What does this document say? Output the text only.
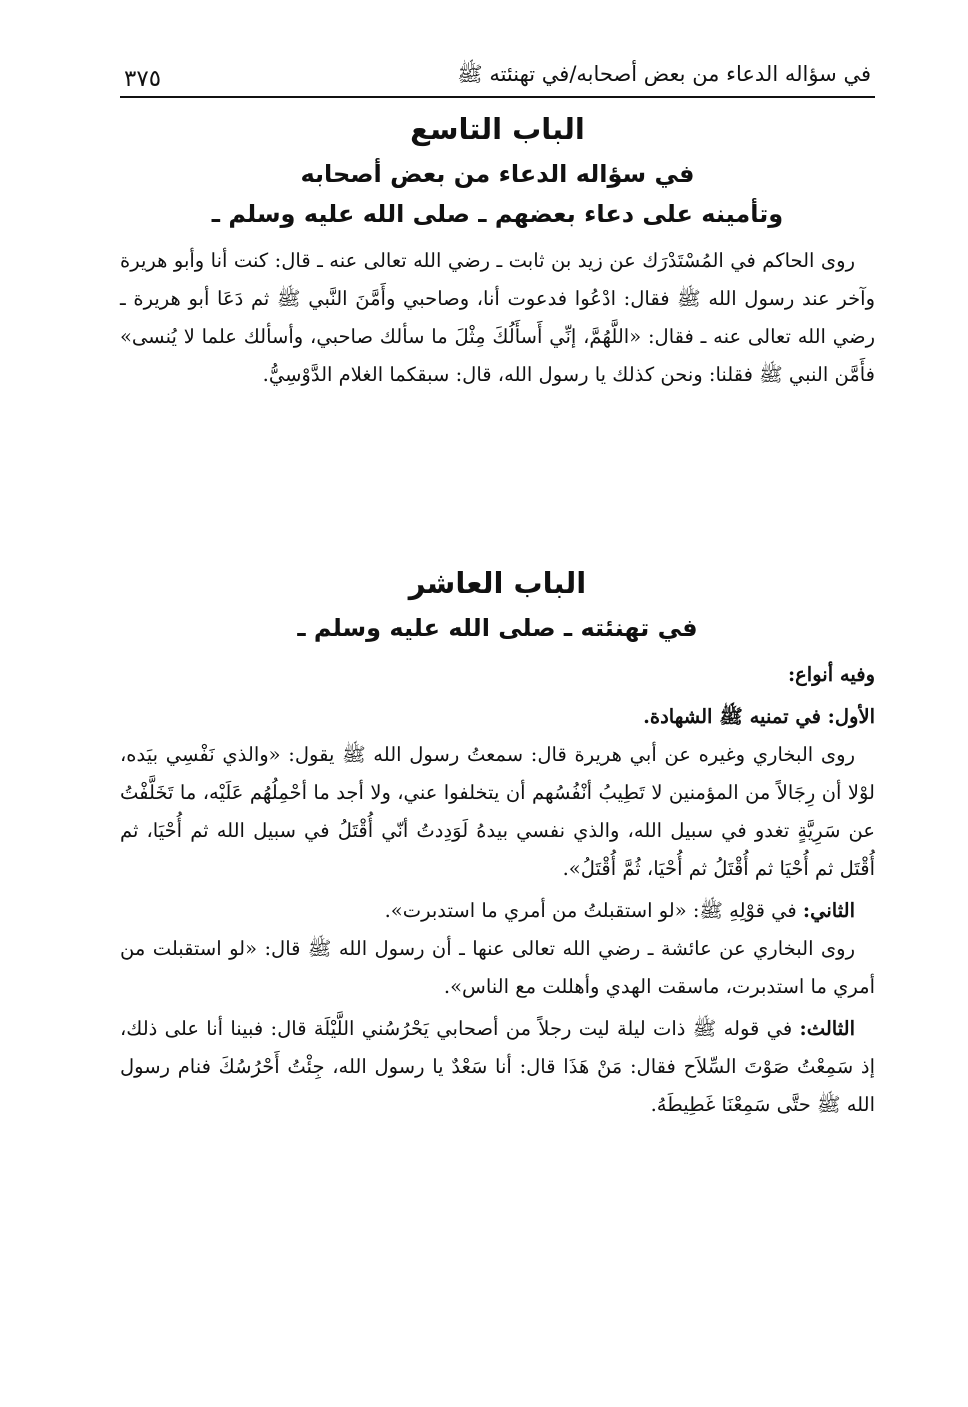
في سؤاله الدعاء من بعض أصحابه/في تهنئته ﷺ
٣٧٥
الباب التاسع

في سؤاله الدعاء من بعض أصحابه

وتأمينه على دعاء بعضهم ـ صلى الله عليه وسلم ـ

روى الحاكم في المُسْتَدْرَك عن زيد بن ثابت ـ رضي الله تعالى عنه ـ قال: كنت أنا وأبو هريرة وآخر عند رسول الله ﷺ فقال: ادْعُوا فدعوت أنا، وصاحبي وأَمَّنَ النَّبي ﷺ ثم دَعَا أبو هريرة ـ رضي الله تعالى عنه ـ فقال: «اللَّهُمَّ، إنِّي أَسأَلُكَ مِثْلَ ما سألك صاحبي، وأسألك علما لا يُنسى» فأَمَّن النبي ﷺ فقلنا: ونحن كذلك يا رسول الله، قال: سبقكما الغلام الدَّوْسِيُّ.

الباب العاشر

في تهنئته ـ صلى الله عليه وسلم ـ

وفيه أنواع:

الأول: في تمنيه ﷺ الشهادة.

روى البخاري وغيره عن أبي هريرة قال: سمعتُ رسول الله ﷺ يقول: «والذي نَفْسِي بيَده، لوْلا أن رِجَالاً من المؤمنين لا تَطِيبُ أنْفُسُهم أن يتخلفوا عني، ولا أجد ما أحْمِلُهُم عَلَيْه، ما تَخَلَّفْتُ عن سَرِيَّةٍ تغدو في سبيل الله، والذي نفسي بيدهُ لَوَدِدتُ أنّي أُقْتَلُ في سبيل الله ثم أُحْيَا، ثم أُقْتَل ثم أُحْيَا ثم أُقْتَلُ ثم أُحْيَا، ثُمَّ أُقْتَلُ».

الثاني: في قوْلِهِ ﷺ: «لو استقبلتُ من أمري ما استدبرت».

روى البخاري عن عائشة ـ رضي الله تعالى عنها ـ أن رسول الله ﷺ قال: «لو استقبلت من أمري ما استدبرت، ماسقت الهدي وأهللت مع الناس».

الثالث: في قوله ﷺ ذات ليلة ليت رجلاً من أصحابي يَحْرُسُني اللَّيْلَة قال: فبينا أنا على ذلك، إذ سَمِعْتُ صَوْتَ السِّلاَح فقال: مَنْ هَذَا قال: أنا سَعْدٌ يا رسول الله، جِئْتُ أَحْرُسُكَ فنام رسول الله ﷺ حتَّى سَمِعْنَا غَطِيطَهُ.
